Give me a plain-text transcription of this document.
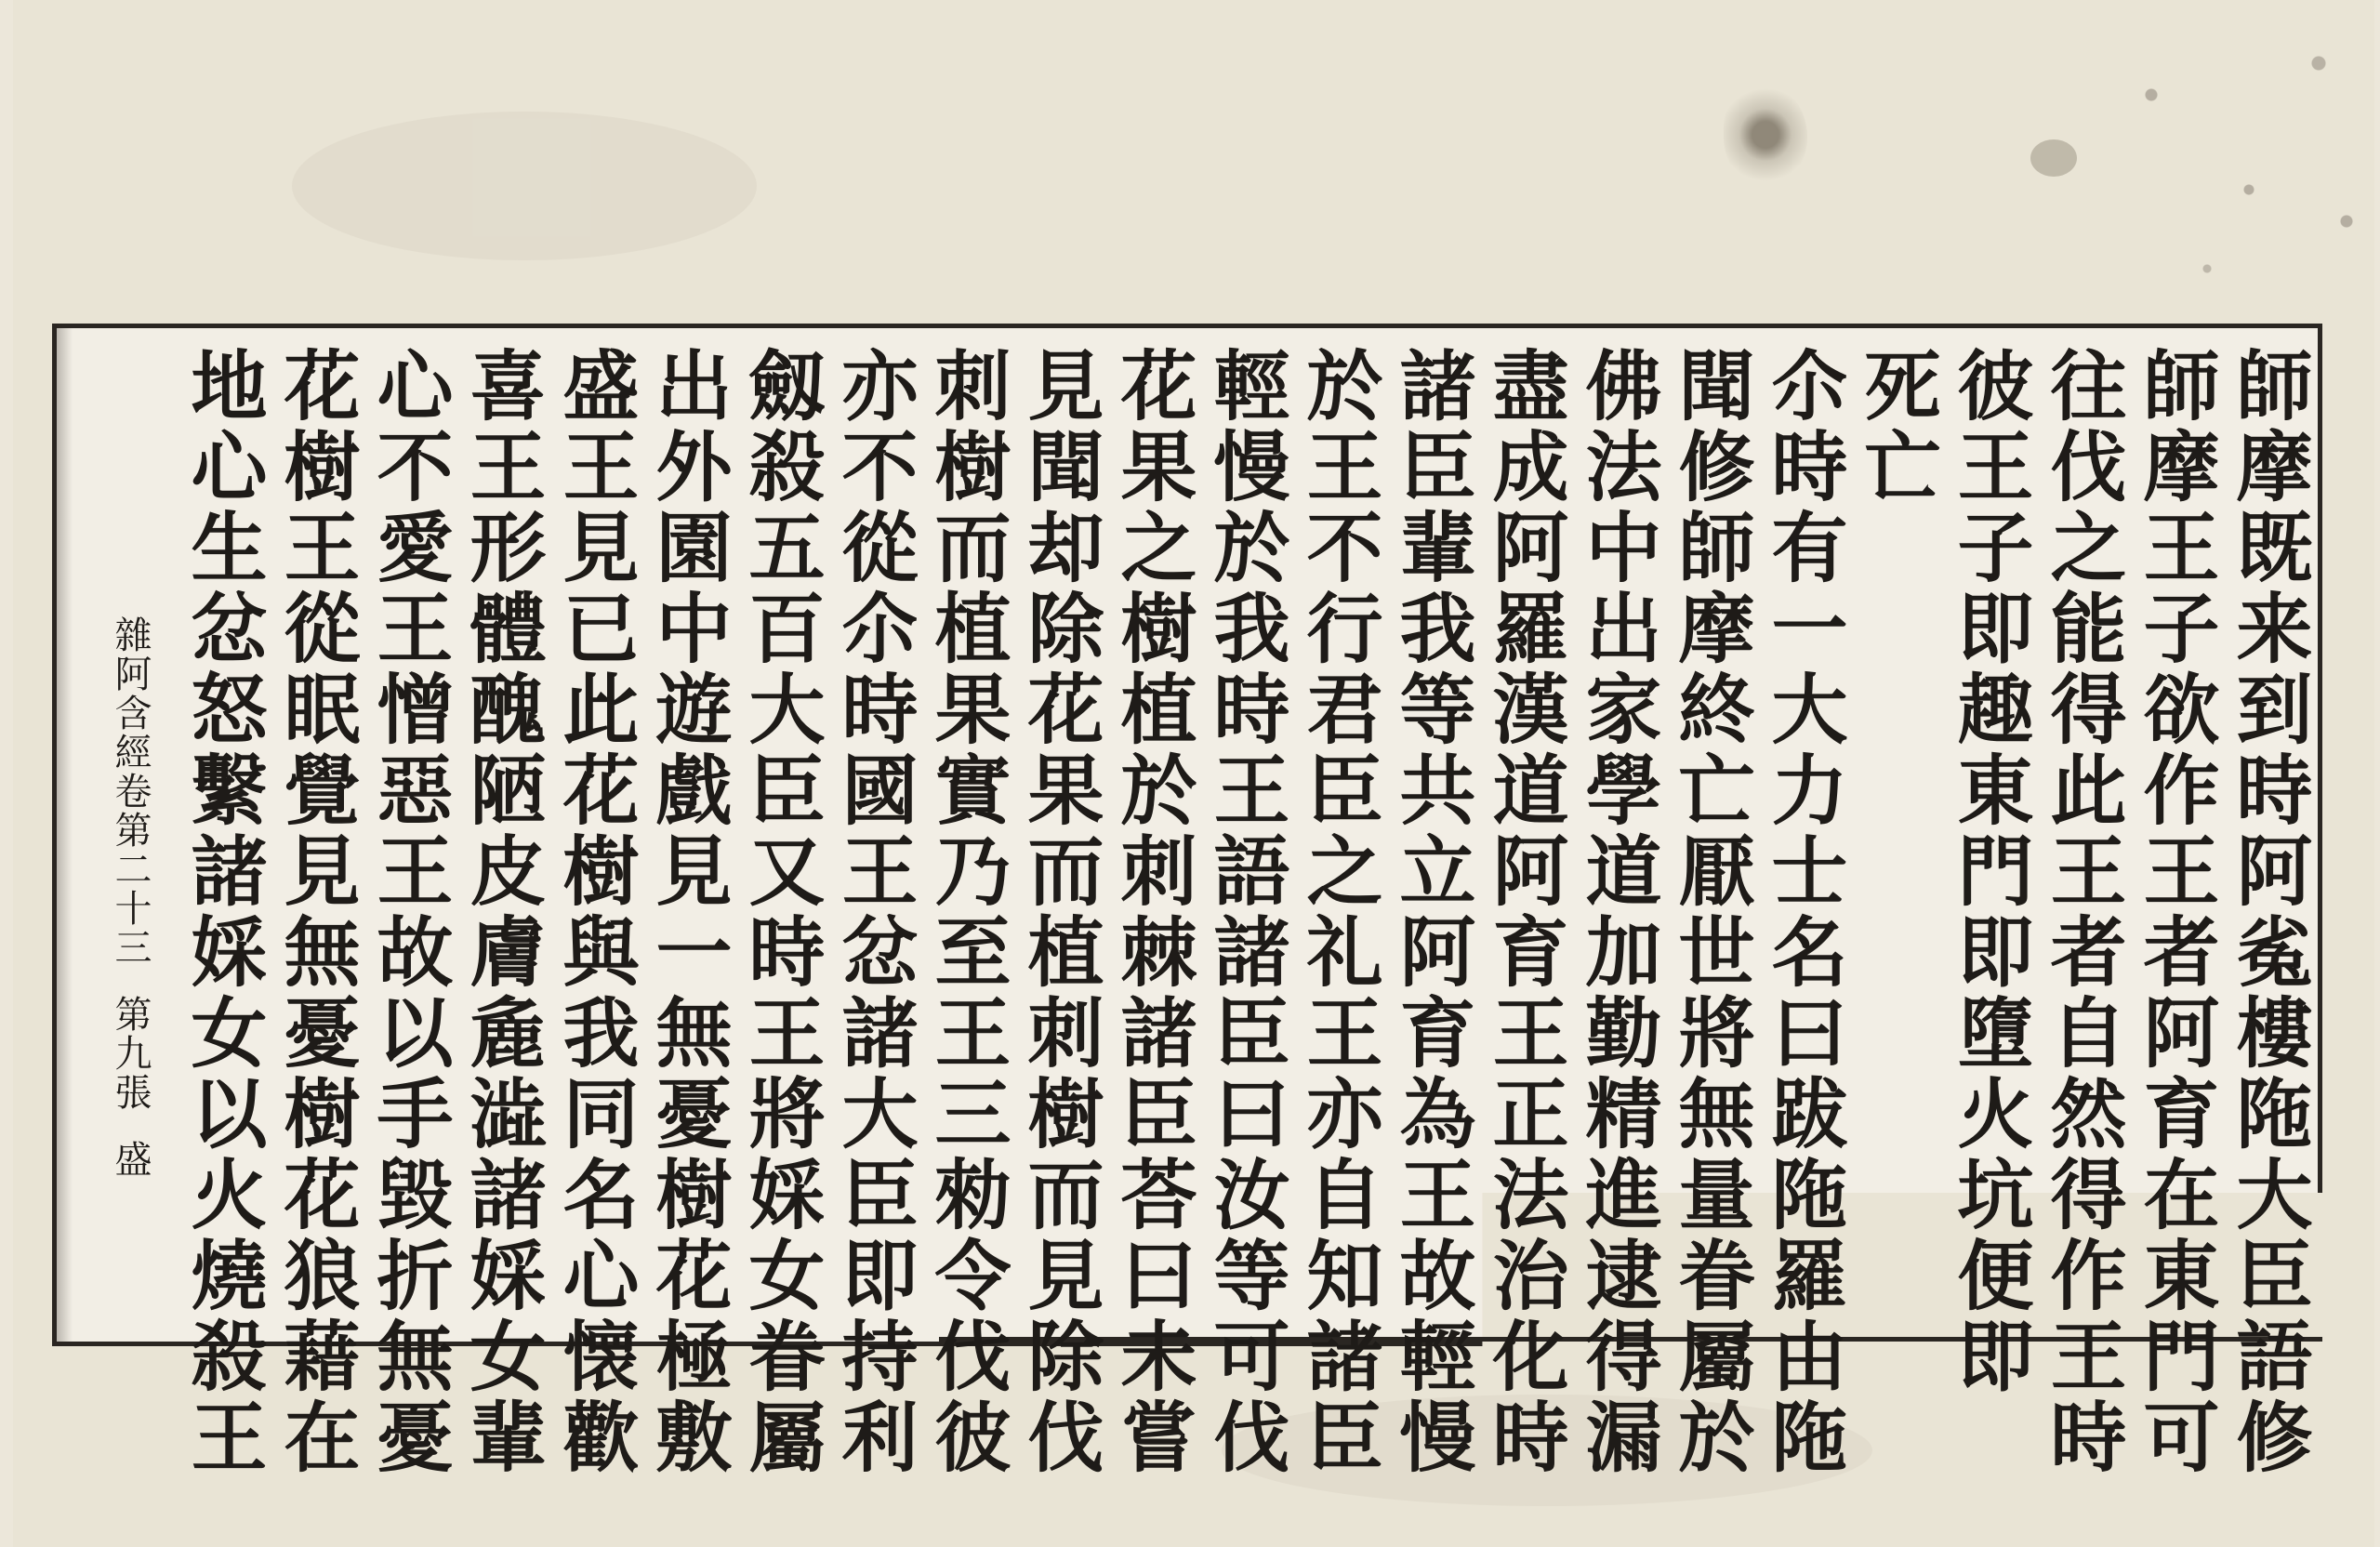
師摩既来到時阿㝹樓陁大臣語修
師摩王子欲作王者阿育在東門可
往伐之能得此王者自然得作王時
彼王子即趣東門即墮火坑便即
死亡
尒時有一大力士名曰跋陁羅由陁
聞修師摩終亡厭世將無量眷屬於
佛法中出家學道加勤精進逮得漏
盡成阿羅漢道阿育王正法治化時
諸臣輩我等共立阿育為王故輕慢
於王不行君臣之礼王亦自知諸臣
輕慢於我時王語諸臣曰汝等可伐
花果之樹植於刺棘諸臣荅曰未嘗
見聞却除花果而植刺樹而見除伐
刺樹而植果實乃至王三勑令伐彼
亦不從尒時國王忿諸大臣即持利
劔殺五百大臣又時王將婇女眷屬
出外園中遊戲見一無憂樹花極敷
盛王見已此花樹與我同名心懐歡
喜王形體醜陋皮膚麁澁諸婇女輩
心不愛王憎惡王故以手毀折無憂
花樹王從眠覺見無憂樹花狼藉在
地心生忿怒繫諸婇女以火燒殺王
雜阿含經卷第二十三第九張盛
